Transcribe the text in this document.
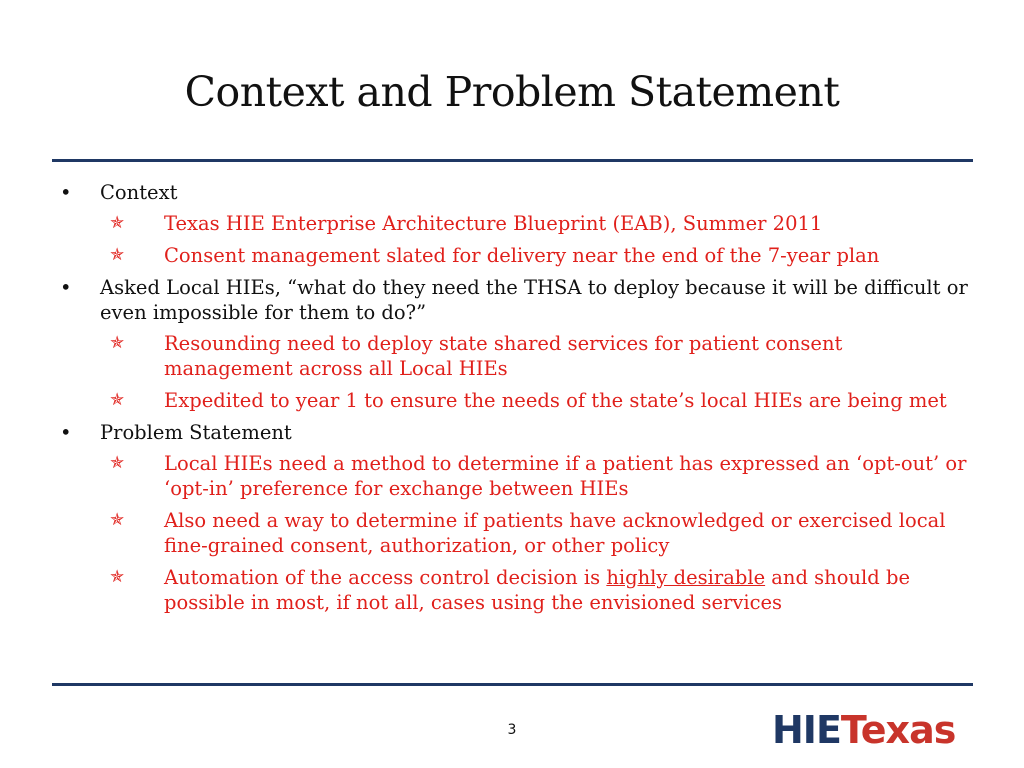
Context and Problem Statement
• Context
✯ Texas HIE Enterprise Architecture Blueprint (EAB), Summer 2011
✯ Consent management slated for delivery near the end of the 7-year plan
• Asked Local HIEs, “what do they need the THSA to deploy because it will be difficult or even impossible for them to do?”
✯ Resounding need to deploy state shared services for patient consent management across all Local HIEs
✯ Expedited to year 1 to ensure the needs of the state’s local HIEs are being met
• Problem Statement
✯ Local HIEs need a method to determine if a patient has expressed an ‘opt-out’ or ‘opt-in’ preference for exchange between HIEs
✯ Also need a way to determine if patients have acknowledged or exercised local fine-grained consent, authorization, or other policy
✯ Automation of the access control decision is highly desirable and should be possible in most, if not all, cases using the envisioned services
3	HIETexas
